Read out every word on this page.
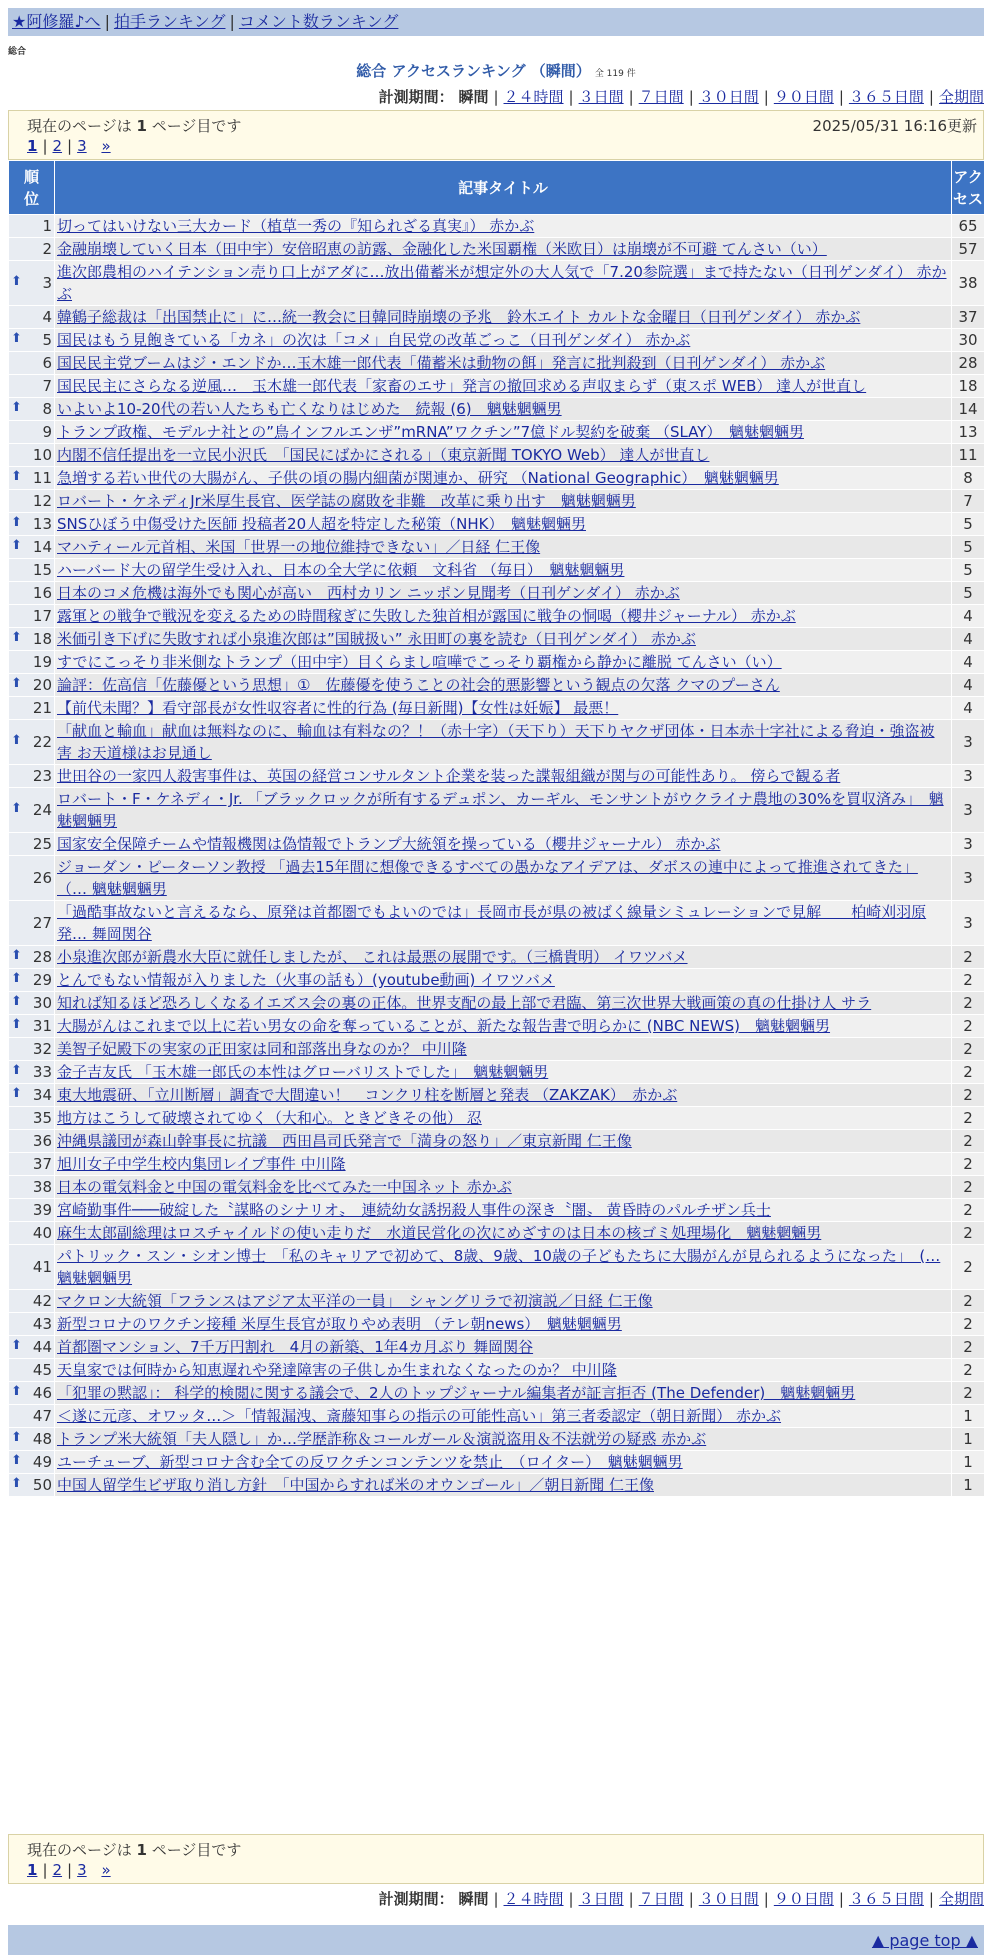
★阿修羅♪へ | 拍手ランキング | コメント数ランキング
総合
総合 アクセスランキング （瞬間） 全 119 件
計測期間： 瞬間 | ２４時間 | ３日間 | ７日間 | ３０日間 | ９０日間 | ３６５日間 | 全期間
現在のページは 1 ページ目です	2025/05/31 16:16更新
1 | 2 | 3 »
順位	記事タイトル	アクセス

1	切ってはいけない三大カード（植草一秀の『知られざる真実』） 赤かぶ	65
2	金融崩壊していく日本（田中宇）安倍昭恵の訪露、金融化した米国覇権（米欧日）は崩壊が不可避 てんさい（い）	57

⬆ 3	進次郎農相のハイテンション売り口上がアダに…放出備蓄米が想定外の大人気で「7.20参院選」まで持たない（日刊ゲンダイ） 赤かぶ	38
4	韓鶴子総裁は「出国禁止に」に…統一教会に日韓同時崩壊の予兆　鈴木エイト カルトな金曜日（日刊ゲンダイ） 赤かぶ	37

⬆ 5	国民はもう見飽きている「カネ」の次は「コメ」自民党の改革ごっこ（日刊ゲンダイ） 赤かぶ	30
6	国民民主党ブームはジ・エンドか…玉木雄一郎代表「備蓄米は動物の餌」発言に批判殺到（日刊ゲンダイ） 赤かぶ	28
7	国民民主にさらなる逆風…　玉木雄一郎代表「家畜のエサ」発言の撤回求める声収まらず（東スポ WEB） 達人が世直し	18

⬆ 8	いよいよ10-20代の若い人たちも亡くなりはじめた　続報 (6)　魑魅魍魎男	14
9	トランプ政権、モデルナ社との”鳥インフルエンザ”mRNA”ワクチン”7億ドル契約を破棄 （SLAY）　魑魅魍魎男	13
10	内閣不信任提出を一立民小沢氏　「国民にばかにされる」（東京新聞 TOKYO Web） 達人が世直し	11

⬆ 11	急増する若い世代の大腸がん、子供の頃の腸内細菌が関連か、研究 （National Geographic）　魑魅魍魎男	8
12	ロバート・ケネディJr米厚生長官、医学誌の腐敗を非難　改革に乗り出す　魑魅魍魎男	7

⬆ 13	SNSひぼう中傷受けた医師 投稿者20人超を特定した秘策（NHK）　魑魅魍魎男	5

⬆ 14	マハティール元首相、米国「世界一の地位維持できない」／日経 仁王像	5
15	ハーバード大の留学生受け入れ、日本の全大学に依頼　文科省 （毎日）　魑魅魍魎男	5
16	日本のコメ危機は海外でも関心が高い　西村カリン ニッポン見聞考（日刊ゲンダイ） 赤かぶ	5
17	露軍との戦争で戦況を変えるための時間稼ぎに失敗した独首相が露国に戦争の恫喝（櫻井ジャーナル） 赤かぶ	4

⬆ 18	米価引き下げに失敗すれば小泉進次郎は”国賊扱い” 永田町の裏を読む（日刊ゲンダイ） 赤かぶ	4
19	すでにこっそり非米側なトランプ（田中宇）目くらまし喧嘩でこっそり覇権から静かに離脱 てんさい（い）	4

⬆ 20	論評：佐高信「佐藤優という思想」①　佐藤優を使うことの社会的悪影響という観点の欠落 クマのプーさん	4
21	【前代未聞？】看守部長が女性収容者に性的行為 (毎日新聞)【女性は妊娠】 最悪！	4

⬆ 22	「献血と輸血」献血は無料なのに、輸血は有料なの？！（赤十字）（天下り）天下りヤクザ団体・日本赤十字社による脅迫・強盗被害 お天道様はお見通し	3
23	世田谷の一家四人殺害事件は、英国の経営コンサルタント企業を装った諜報組織が関与の可能性あり。 傍らで観る者	3

⬆ 24	ロバート・F・ケネディ・Jr. 「ブラックロックが所有するデュポン、カーギル、モンサントがウクライナ農地の30%を買収済み」　魑魅魍魎男	3
25	国家安全保障チームや情報機関は偽情報でトランプ大統領を操っている（櫻井ジャーナル） 赤かぶ	3
26	ジョーダン・ピーターソン教授 「過去15年間に想像できるすべての愚かなアイデアは、ダボスの連中によって推進されてきた」 （… 魑魅魍魎男	3
27	「過酷事故ないと言えるなら、原発は首都圏でもよいのでは」長岡市長が県の被ばく線量シミュレーションで見解　　柏崎刈羽原発… 舞岡関谷	3

⬆ 28	小泉進次郎が新農水大臣に就任しましたが、 これは最悪の展開です。（三橋貴明） イワツバメ	2

⬆ 29	とんでもない情報が入りました（火事の話も）(youtube動画) イワツバメ	2

⬆ 30	知れば知るほど恐ろしくなるイエズス会の裏の正体。世界支配の最上部で君臨、第三次世界大戦画策の真の仕掛け人 サラ	2

⬆ 31	大腸がんはこれまで以上に若い男女の命を奪っていることが、新たな報告書で明らかに (NBC NEWS)　魑魅魍魎男	2
32	美智子妃殿下の実家の正田家は同和部落出身なのか？ 中川隆	2

⬆ 33	金子吉友氏 「玉木雄一郎氏の本性はグローバリストでした」　魑魅魍魎男	2

⬆ 34	東大地震研、「立川断層」調査で大間違い！　コンクリ柱を断層と発表 （ZAKZAK）　赤かぶ	2
35	地方はこうして破壊されてゆく（大和心。ときどきその他） 忍	2
36	沖縄県議団が森山幹事長に抗議　西田昌司氏発言で「満身の怒り」／東京新聞 仁王像	2
37	旭川女子中学生校内集団レイプ事件 中川隆	2
38	日本の電気料金と中国の電気料金を比べてみた一中国ネット 赤かぶ	2
39	宮崎勤事件───破綻した〝謀略のシナリオ〟　連続幼女誘拐殺人事件の深き〝闇〟 黄昏時のパルチザン兵士	2
40	麻生太郎副総理はロスチャイルドの使い走りだ　水道民営化の次にめざすのは日本の核ゴミ処理場化　魑魅魍魎男	2
41	パトリック・スン・シオン博士　「私のキャリアで初めて、8歳、9歳、10歳の子どもたちに大腸がんが見られるようになった」　(… 魑魅魍魎男	2
42	マクロン大統領「フランスはアジア太平洋の一員」　シャングリラで初演説／日経 仁王像	2
43	新型コロナのワクチン接種 米厚生長官が取りやめ表明 （テレ朝news）　魑魅魍魎男	2

⬆ 44	首都圏マンション、7千万円割れ　4月の新築、1年4カ月ぶり 舞岡関谷	2
45	天皇家では何時から知恵遅れや発達障害の子供しか生まれなくなったのか？ 中川隆	2

⬆ 46	「犯罪の黙認」： 科学的検閲に関する議会で、2人のトップジャーナル編集者が証言拒否 (The Defender)　魑魅魍魎男	2
47	＜遂に元彦、オワッタ…＞「情報漏洩、斎藤知事らの指示の可能性高い」第三者委認定（朝日新聞） 赤かぶ	1

⬆ 48	トランプ米大統領「夫人隠し」か…学歴詐称＆コールガール＆演説盗用＆不法就労の疑惑 赤かぶ	1

⬆ 49	ユーチューブ、新型コロナ含む全ての反ワクチンコンテンツを禁止　（ロイター）　魑魅魍魎男	1

⬆ 50	中国人留学生ビザ取り消し方針　「中国からすれば米のオウンゴール」／朝日新聞 仁王像	1
現在のページは 1 ページ目です
1 | 2 | 3 »
計測期間： 瞬間 | ２４時間 | ３日間 | ７日間 | ３０日間 | ９０日間 | ３６５日間 | 全期間
▲ page top ▲
